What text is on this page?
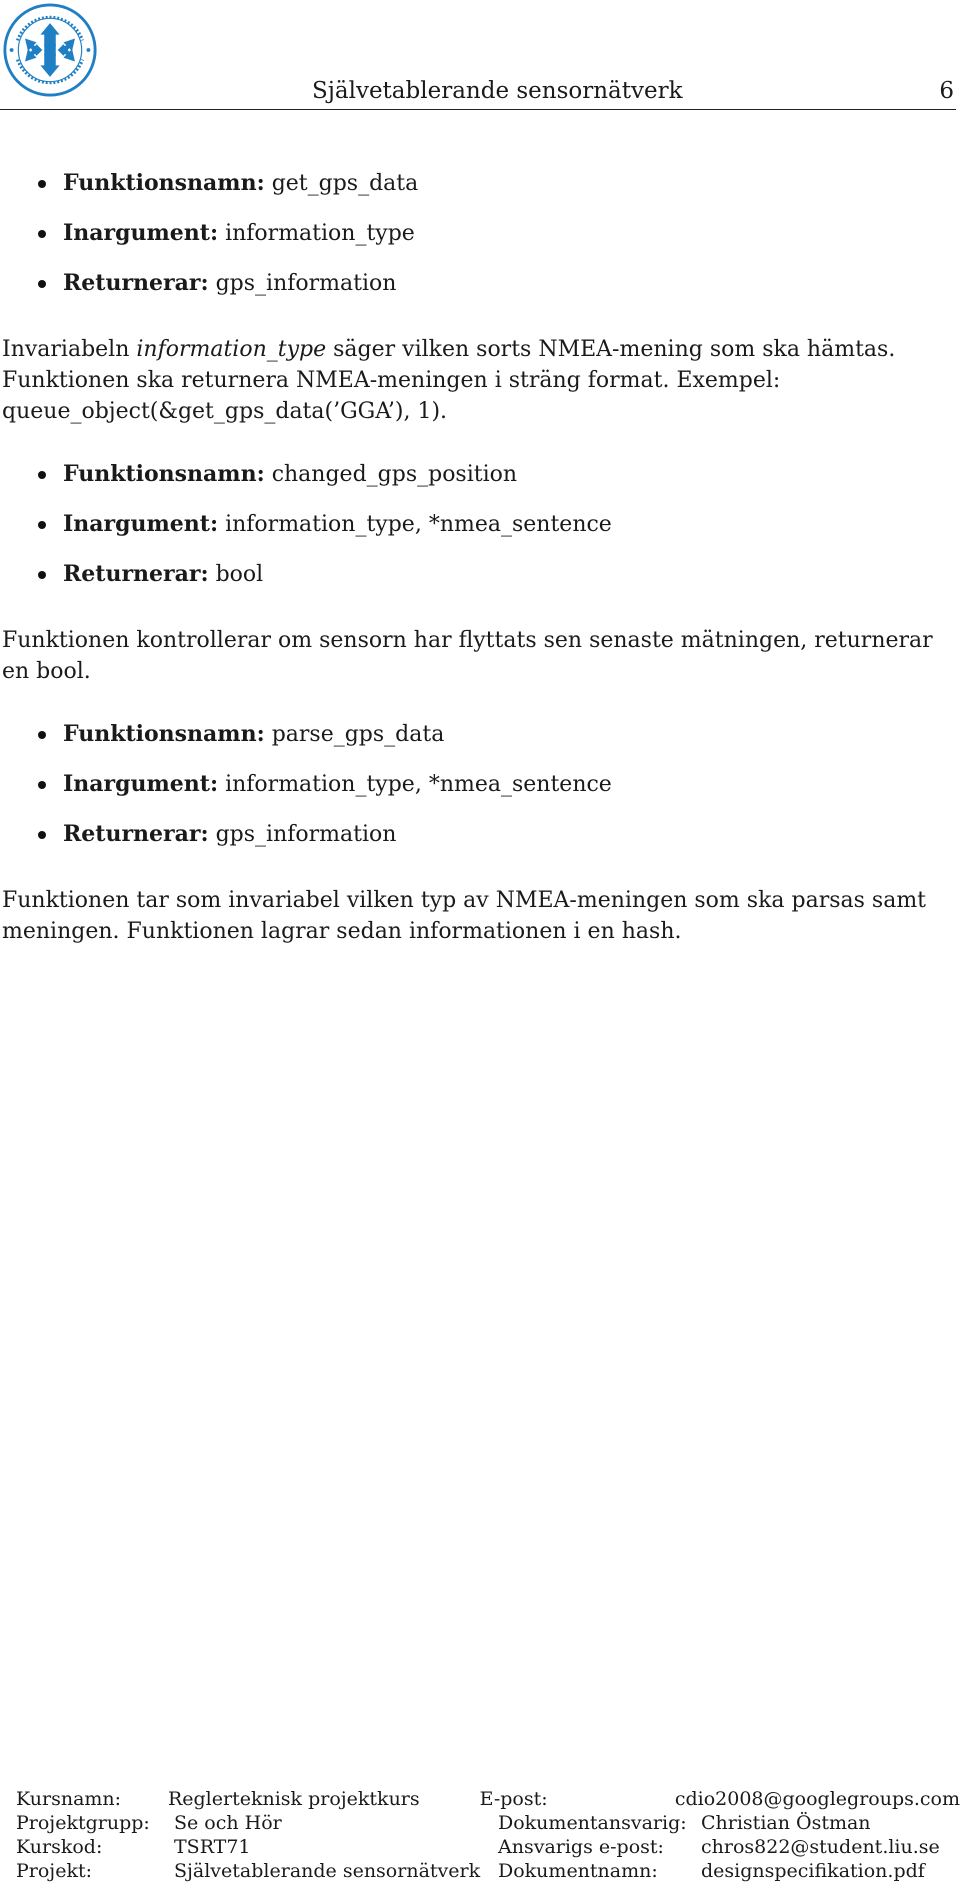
Självetablerande sensornätverk	6
Funktionsnamn: get_gps_data
Inargument: information_type
Returnerar: gps_information

Invariabeln information_type säger vilken sorts NMEA-mening som ska hämtas. Funktionen ska returnera NMEA-meningen i sträng format. Exempel: queue_object(&get_gps_data(’GGA’), 1).

Funktionsnamn: changed_gps_position
Inargument: information_type, *nmea_sentence
Returnerar: bool

Funktionen kontrollerar om sensorn har flyttats sen senaste mätningen, returnerar en bool.

Funktionsnamn: parse_gps_data
Inargument: information_type, *nmea_sentence
Returnerar: gps_information

Funktionen tar som invariabel vilken typ av NMEA-meningen som ska parsas samt meningen. Funktionen lagrar sedan informationen i en hash.

Kursnamn:	Reglerteknisk projektkurs	E-post:	cdio2008@googlegroups.com
Projektgrupp:	Se och Hör	Dokumentansvarig: Christian Östman
Kurskod:	TSRT71	Ansvarigs e-post:	chros822@student.liu.se
Projekt:	Självetablerande sensornätverk Dokumentnamn:	designspecifikation.pdf
